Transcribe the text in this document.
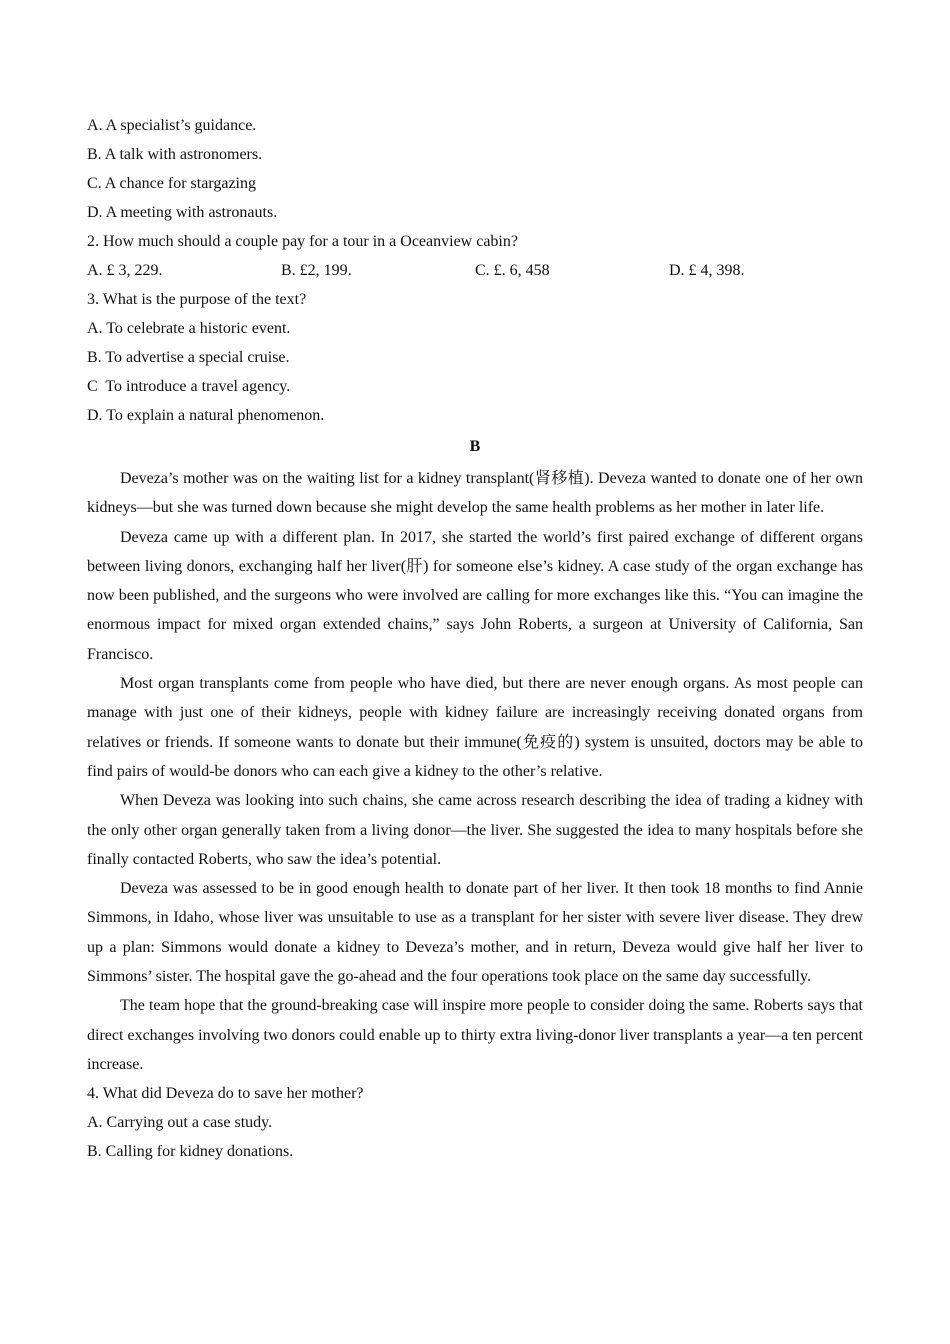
A. A specialist’s guidance.
B. A talk with astronomers.
C. A chance for stargazing
D. A meeting with astronauts.
2. How much should a couple pay for a tour in a Oceanview cabin?
A. £ 3, 229.	B. £2, 199.	C. £. 6, 458	D. £ 4, 398.
3. What is the purpose of the text?
A. To celebrate a historic event.
B. To advertise a special cruise.
C  To introduce a travel agency.
D. To explain a natural phenomenon.
B

Deveza’s mother was on the waiting list for a kidney transplant(肾移植). Deveza wanted to donate one of her own kidneys—but she was turned down because she might develop the same health problems as her mother in later life.

Deveza came up with a different plan. In 2017, she started the world’s first paired exchange of different organs between living donors, exchanging half her liver(肝) for someone else’s kidney. A case study of the organ exchange has now been published, and the surgeons who were involved are calling for more exchanges like this. “You can imagine the enormous impact for mixed organ extended chains,” says John Roberts, a surgeon at University of California, San Francisco.

Most organ transplants come from people who have died, but there are never enough organs. As most people can manage with just one of their kidneys, people with kidney failure are increasingly receiving donated organs from relatives or friends. If someone wants to donate but their immune(免疫的) system is unsuited, doctors may be able to find pairs of would-be donors who can each give a kidney to the other’s relative.

When Deveza was looking into such chains, she came across research describing the idea of trading a kidney with the only other organ generally taken from a living donor—the liver. She suggested the idea to many hospitals before she finally contacted Roberts, who saw the idea’s potential.

Deveza was assessed to be in good enough health to donate part of her liver. It then took 18 months to find Annie Simmons, in Idaho, whose liver was unsuitable to use as a transplant for her sister with severe liver disease. They drew up a plan: Simmons would donate a kidney to Deveza’s mother, and in return, Deveza would give half her liver to Simmons’ sister. The hospital gave the go-ahead and the four operations took place on the same day successfully.

The team hope that the ground-breaking case will inspire more people to consider doing the same. Roberts says that direct exchanges involving two donors could enable up to thirty extra living-donor liver transplants a year—a ten percent increase.

4. What did Deveza do to save her mother?
A. Carrying out a case study.
B. Calling for kidney donations.
